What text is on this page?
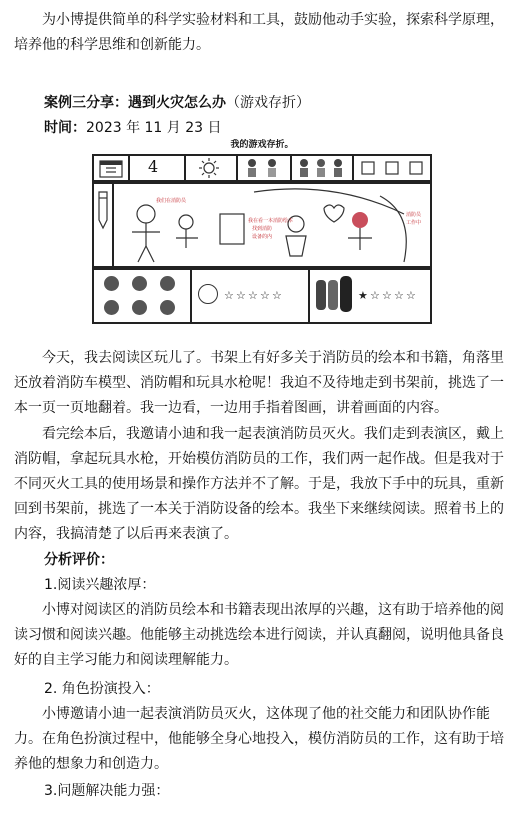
为小博提供简单的科学实验材料和工具，鼓励他动手实验，探索科学原理，培养他的科学思维和创新能力。

案例三分享：遇到火灾怎么办（游戏存折）
时间：2023 年 11 月 23 日
我的游戏存折。
4
我们在消防员
我在看一本消防绘本
找到消防
设备的内
消防员
工作中
☆ ☆ ☆ ☆ ☆	★ ☆ ☆ ☆ ☆

今天，我去阅读区玩儿了。书架上有好多关于消防员的绘本和书籍，角落里还放着消防车模型、消防帽和玩具水枪呢！我迫不及待地走到书架前，挑选了一本一页一页地翻着。我一边看，一边用手指着图画，讲着画面的内容。

看完绘本后，我邀请小迪和我一起表演消防员灭火。我们走到表演区，戴上消防帽，拿起玩具水枪，开始模仿消防员的工作，我们两一起作战。但是我对于不同灭火工具的使用场景和操作方法并不了解。于是，我放下手中的玩具，重新回到书架前，挑选了一本关于消防设备的绘本。我坐下来继续阅读。照着书上的内容，我搞清楚了以后再来表演了。

分析评价：
1.阅读兴趣浓厚：

小博对阅读区的消防员绘本和书籍表现出浓厚的兴趣，这有助于培养他的阅读习惯和阅读兴趣。他能够主动挑选绘本进行阅读，并认真翻阅，说明他具备良好的自主学习能力和阅读理解能力。

2. 角色扮演投入：

小博邀请小迪一起表演消防员灭火，这体现了他的社交能力和团队协作能力。在角色扮演过程中，他能够全身心地投入，模仿消防员的工作，这有助于培养他的想象力和创造力。

3.问题解决能力强：
